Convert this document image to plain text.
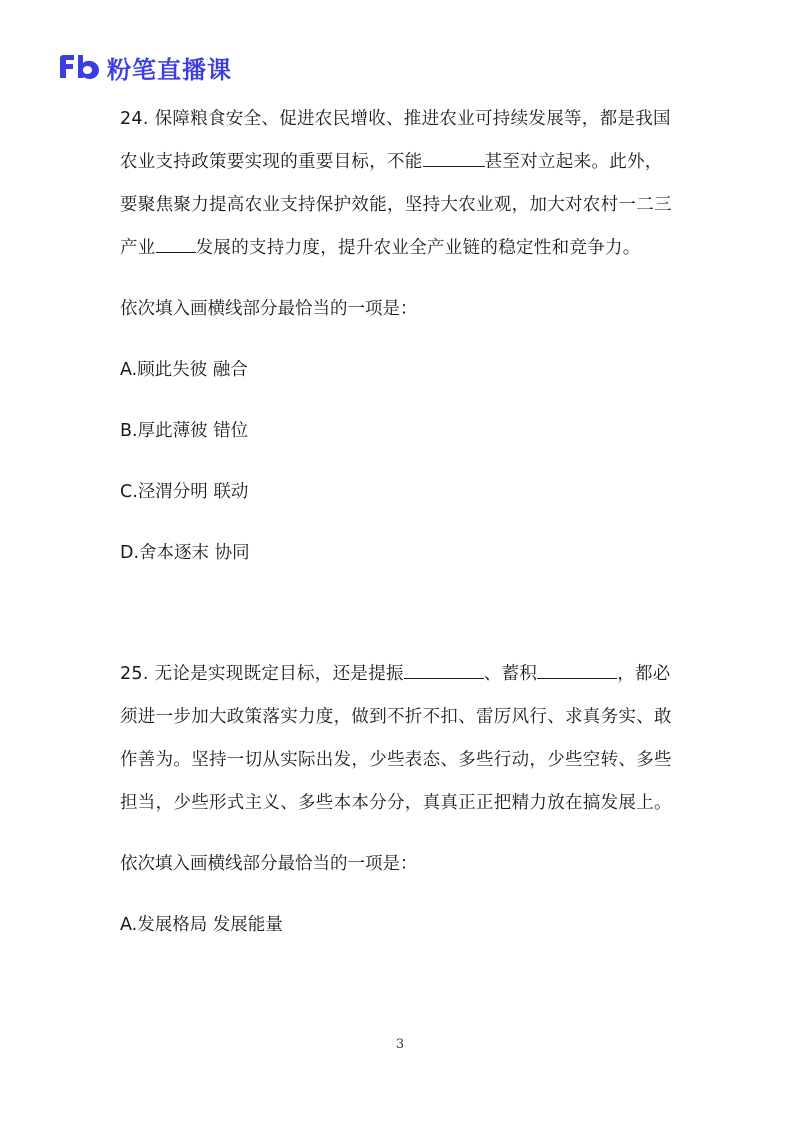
粉笔直播课

24. 保障粮食安全、促进农民增收、推进农业可持续发展等，都是我国农业支持政策要实现的重要目标，不能	甚至对立起来。此外，要聚焦聚力提高农业支持保护效能，坚持大农业观，加大对农村一二三产业 发展的支持力度，提升农业全产业链的稳定性和竞争力。

依次填入画横线部分最恰当的一项是：

A.顾此失彼 融合

B.厚此薄彼 错位

C.泾渭分明 联动

D.舍本逐末 协同

25. 无论是实现既定目标，还是提振	、蓄积	，都必须进一步加大政策落实力度，做到不折不扣、雷厉风行、求真务实、敢作善为。坚持一切从实际出发，少些表态、多些行动，少些空转、多些担当，少些形式主义、多些本本分分，真真正正把精力放在搞发展上。

依次填入画横线部分最恰当的一项是：

A.发展格局 发展能量

3
